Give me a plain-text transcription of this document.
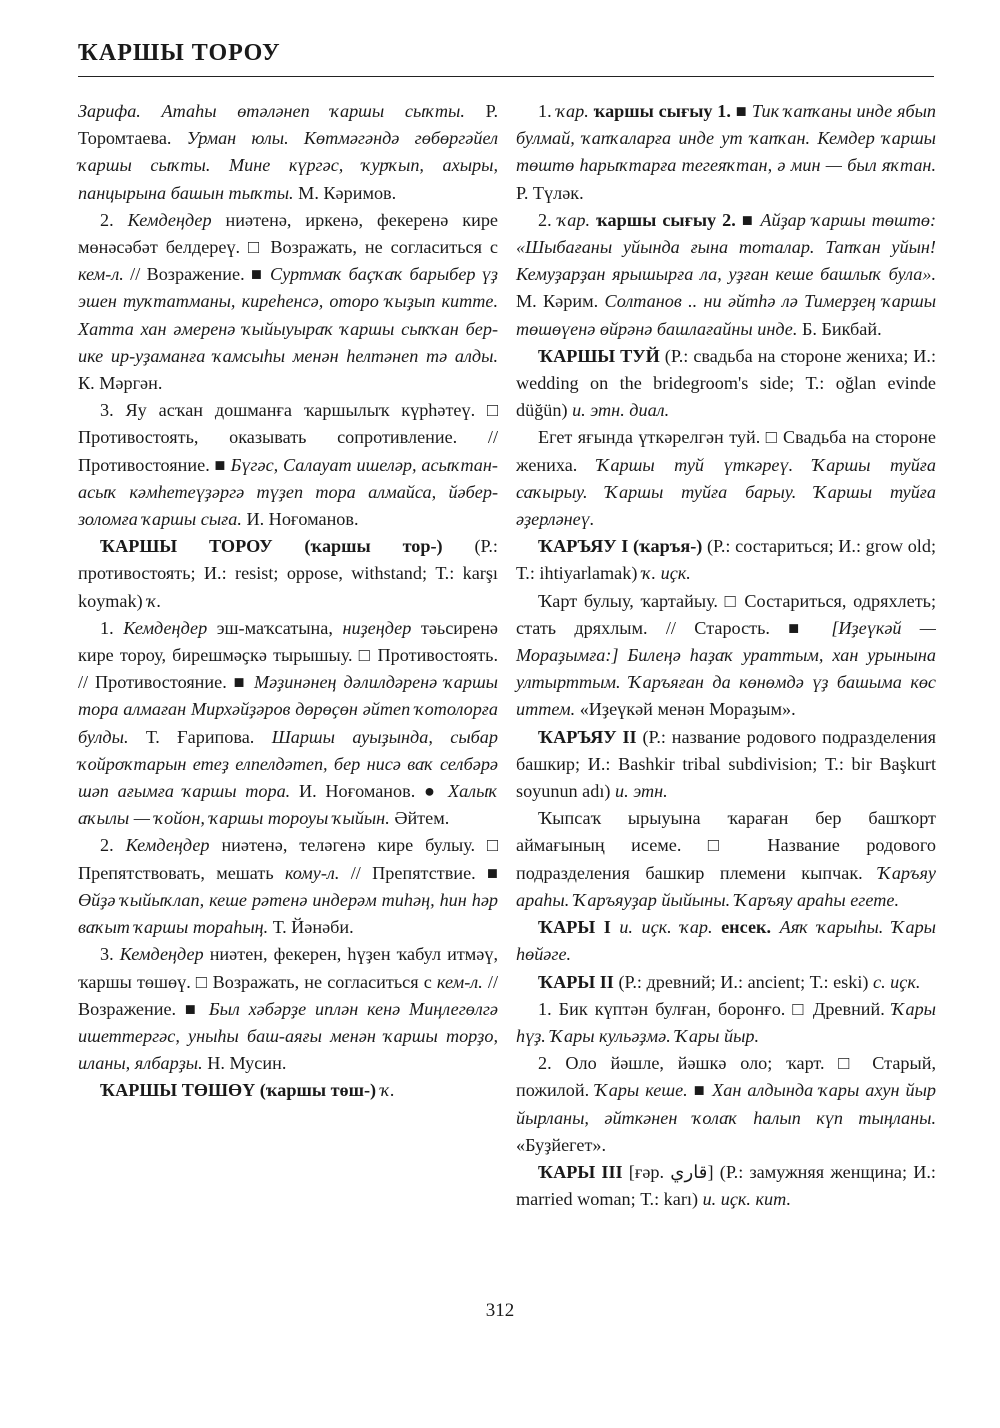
ҠАРШЫ ТОРОУ

Зарифа. Атаһы өтәләнеп ҡаршы сыҡты. Р. Торомтаева. Урман юлы. Көтмәгәндә гөбөргәйел ҡаршы сыҡты. Мине күргәс, ҡурҡып, ахыры, панцырына башын тыҡты. М. Кәримов.

2. Кемдеңдер ниәтенә, иркенә, фекеренә кире мөнәсәбәт белдереү. □ Возражать, не согласиться с кем-л. // Возражение. ■ Суртмаҡ баҫҡаҡ барыбер үҙ эшен туҡтатманы, киреһенсә, оторо ҡыҙып китте. Хатта хан әмеренә ҡыйыуыраҡ ҡаршы сыҡҡан бер-ике ир-уҙаманға ҡамсыһы менән һелтәнеп тә алды. К. Мәргән.

3. Яу асҡан дошманға ҡаршылыҡ күрһәтеү. □ Противостоять, оказывать сопротивление. // Противостояние. ■ Бүгәс, Салауат ишеләр, асыҡтан-асыҡ кәмһетеүҙәргә түҙеп тора алмайса, йәбер-золомға ҡаршы сыға. И. Ноғоманов.

ҠАРШЫ ТОРОУ (ҡаршы тор-) (Р.: противостоять; И.: resist; oppose, withstand; Т.: karşı koymak) ҡ.

1. Кемдеңдер эш-маҡсатына, ниҙеңдер тәьсиренә кире тороу, бирешмәҫкә тырышыу. □ Противостоять. // Противостояние. ■ Мәҙинәнең дәлилдәренә ҡаршы тора алмаған Мирхәйҙәров дөрөҫөн әйтеп ҡотолорға булды. Т. Ғарипова. Шаршы ауыҙында, сыбар ҡойроҡтарын етеҙ елпелдәтеп, бер нисә ваҡ селбәрә шәп ағымға ҡаршы тора. И. Ноғоманов. ● Халыҡ аҡылы — ҡойон, ҡаршы тороуы ҡыйын. Әйтем.

2. Кемдеңдер ниәтенә, теләгенә кире булыу. □ Препятствовать, мешать кому-л. // Препятствие. ■ Өйҙә ҡыйыҡлап, кеше рәтенә индерәм тиһәң, һин һәр ваҡыт ҡаршы тораһың. Т. Йәнәби.

3. Кемдеңдер ниәтен, фекерен, һүҙен ҡабул итмәү, ҡаршы төшөү. □ Возражать, не согласиться с кем-л. // Возражение. ■ Был хәбәрҙе иплән кенә Миңлегөлгә ишеттергәс, уныһы баш-аяғы менән ҡаршы торҙо, иланы, ялбарҙы. Н. Мусин.

ҠАРШЫ ТӨШӨҮ (ҡаршы төш-) ҡ.

1. ҡар. ҡаршы сығыу 1. ■ Тик ҡапҡаны инде ябып булмай, ҡапҡаларға инде ут ҡапҡан. Кемдер ҡаршы төштө һарыҡтарға тегеяҡтан, ә мин — был яҡтан. Р. Түләк.

2. ҡар. ҡаршы сығыу 2. ■ Айҙар ҡаршы төштө: «Шыбағаны уйында ғына тоталар. Тапҡан уйын! Кемуҙарҙан ярышырға ла, уҙған кеше башлыҡ була». М. Кәрим. Солтанов .. ни әйтһә лә Тимерҙең ҡаршы төшөүенә өйрәнә башлағайны инде. Б. Бикбай.

ҠАРШЫ ТУЙ (Р.: свадьба на стороне жениха; И.: wedding on the bridegroom's side; Т.: oğlan evinde düğün) и. этн. диал.

Егет яғында үткәрелгән туй. □ Свадьба на стороне жениха. Ҡаршы туй үткәреү. Ҡаршы туйға саҡырыу. Ҡаршы туйға барыу. Ҡаршы туйға әҙерләнеү.

ҠАРЪЯУ I (ҡаръя-) (Р.: состариться; И.: grow old; Т.: ihtiyarlamak) ҡ. иҫк.

Ҡарт булыу, ҡартайыу. □ Состариться, одряхлеть; стать дряхлым. // Старость. ■ [Иҙеүкәй — Мораҙымға:] Билеңә һаҙаҡ ураттым, хан урынына ултырттым. Ҡаръяған да көнөмдә үҙ башыма көс иттем. «Иҙеүкәй менән Мораҙым».

ҠАРЪЯУ II (Р.: название родового подразделения башкир; И.: Bashkir tribal subdivision; Т.: bir Başkurt soyunun adı) и. этн.

Ҡыпсаҡ ырыуына ҡараған бер башҡорт аймағының исеме. □ Название родового подразделения башкир племени кыпчак. Ҡаръяу араһы. Ҡаръяуҙар йыйыны. Ҡаръяу араһы егете.

ҠАРЫ I и. иҫк. ҡар. енсек. Аяҡ ҡарыһы. Ҡары һөйәге.

ҠАРЫ II (Р.: древний; И.: ancient; Т.: eski) с. иҫк.

1. Бик күптән булған, боронғо. □ Древний. Ҡары һүҙ. Ҡары кульәҙмә. Ҡары йыр.

2. Оло йәшле, йәшкә оло; ҡарт. □ Старый, пожилой. Ҡары кеше. ■ Хан алдында ҡары ахун йыр йырланы, әйткәнен ҡолаҡ һалып күп тыңланы. «Буҙйегет».

ҠАРЫ III [ғәр. قاري] (Р.: замужняя женщина; И.: married woman; Т.: karı) и. иҫк. кит.

312
